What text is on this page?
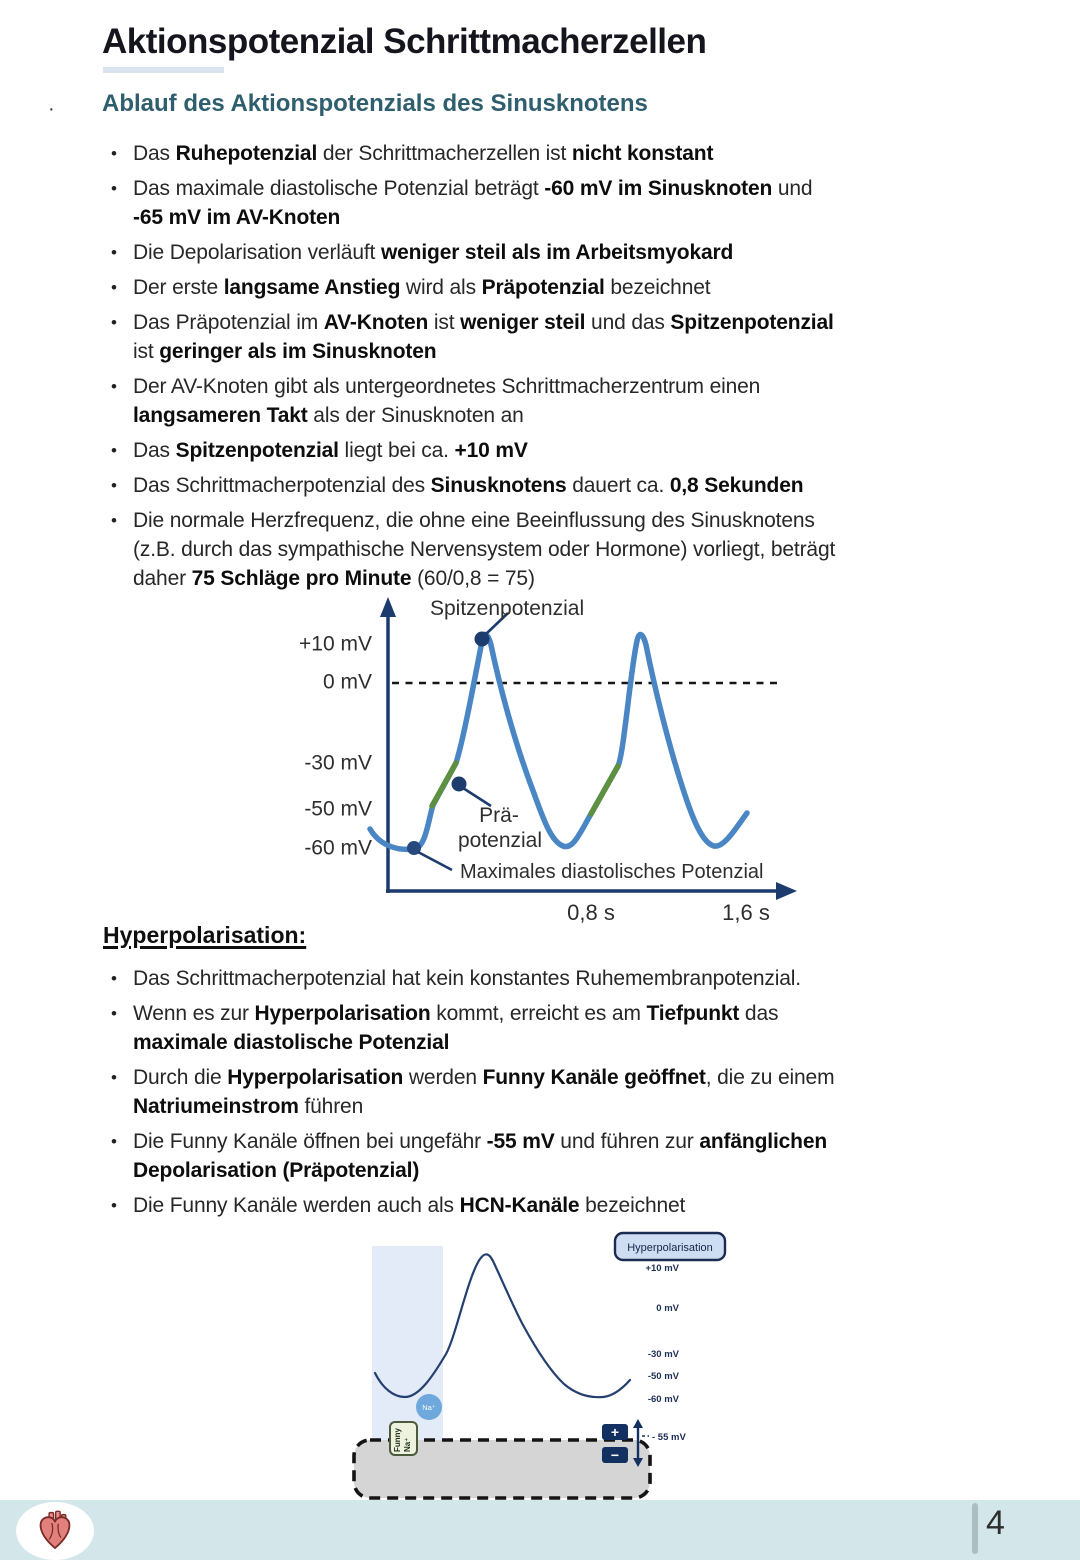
·
Aktionspotenzial Schrittmacherzellen
Ablauf des Aktionspotenzials des Sinusknotens
• Das Ruhepotenzial der Schrittmacherzellen ist nicht konstant
• Das maximale diastolische Potenzial beträgt -60 mV im Sinusknoten und
-65 mV im AV-Knoten
• Die Depolarisation verläuft weniger steil als im Arbeitsmyokard
• Der erste langsame Anstieg wird als Präpotenzial bezeichnet
• Das Präpotenzial im AV-Knoten ist weniger steil und das Spitzenpotenzial
ist geringer als im Sinusknoten
• Der AV-Knoten gibt als untergeordnetes Schrittmacherzentrum einen
langsameren Takt als der Sinusknoten an
• Das Spitzenpotenzial liegt bei ca. +10 mV
• Das Schrittmacherpotenzial des Sinusknotens dauert ca. 0,8 Sekunden
• Die normale Herzfrequenz, die ohne eine Beeinflussung des Sinusknotens
(z.B. durch das sympathische Nervensystem oder Hormone) vorliegt, beträgt
daher 75 Schläge pro Minute (60/0,8 = 75)
+10 mV
0 mV
-30 mV
-50 mV
-60 mV
0,8 s	1,6 s
Spitzenpotenzial
Prä-
potenzial
Maximales diastolisches Potenzial
Hyperpolarisation:
• Das Schrittmacherpotenzial hat kein konstantes Ruhemembranpotenzial.
• Wenn es zur Hyperpolarisation kommt, erreicht es am Tiefpunkt das
maximale diastolische Potenzial
• Durch die Hyperpolarisation werden Funny Kanäle geöffnet, die zu einem
Natriumeinstrom führen
• Die Funny Kanäle öffnen bei ungefähr -55 mV und führen zur anfänglichen
Depolarisation (Präpotenzial)
• Die Funny Kanäle werden auch als HCN-Kanäle bezeichnet
Na⁺
Funny Na⁺
+
−
- 55 mV
+10 mV
0 mV
-30 mV
-50 mV
-60 mV
Hyperpolarisation
4
